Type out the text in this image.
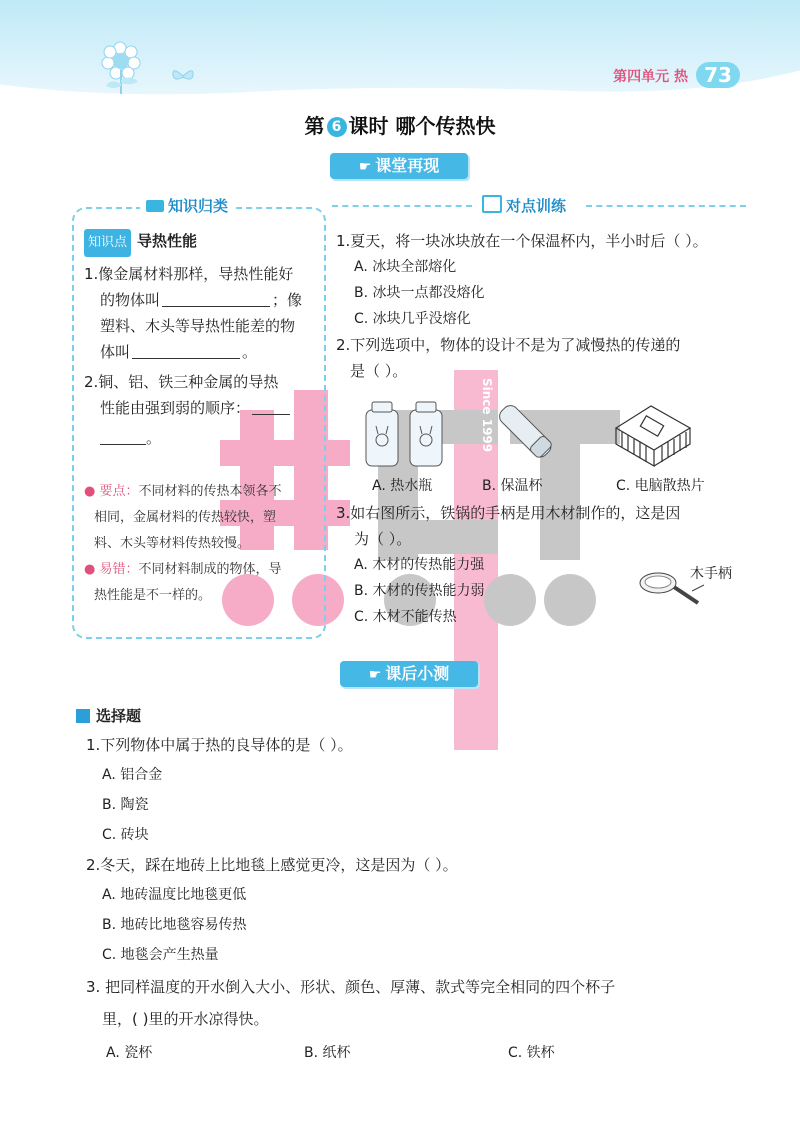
第四单元 热 73
第 6 课时 哪个传热快
Since 1999
☛ 课堂再现
知识归类
知识点 导热性能
1.像金属材料那样，导热性能好
的物体叫	；像
塑料、木头等导热性能差的物
体叫	。
2.铜、铝、铁三种金属的导热
性能由强到弱的顺序：
。
● 要点：不同材料的传热本领各不
相同，金属材料的传热较快，塑
料、木头等材料传热较慢。
● 易错：不同材料制成的物体，导
热性能是不一样的。
对点训练
1.夏天，将一块冰块放在一个保温杯内，半小时后（ ）。
A. 冰块全部熔化
B. 冰块一点都没熔化
C. 冰块几乎没熔化
2.下列选项中，物体的设计不是为了减慢热的传递的
是（ ）。
A. 热水瓶	B. 保温杯	C. 电脑散热片
3.如右图所示，铁锅的手柄是用木材制作的，这是因
为（ ）。
A. 木材的传热能力强
B. 木材的传热能力弱
C. 木材不能传热
木手柄
☛ 课后小测
选择题
1.下列物体中属于热的良导体的是（ ）。
A. 铝合金
B. 陶瓷
C. 砖块
2.冬天，踩在地砖上比地毯上感觉更冷，这是因为（ ）。
A. 地砖温度比地毯更低
B. 地砖比地毯容易传热
C. 地毯会产生热量
3. 把同样温度的开水倒入大小、形状、颜色、厚薄、款式等完全相同的四个杯子
里，( )里的开水凉得快。
A. 瓷杯	B. 纸杯	C. 铁杯
